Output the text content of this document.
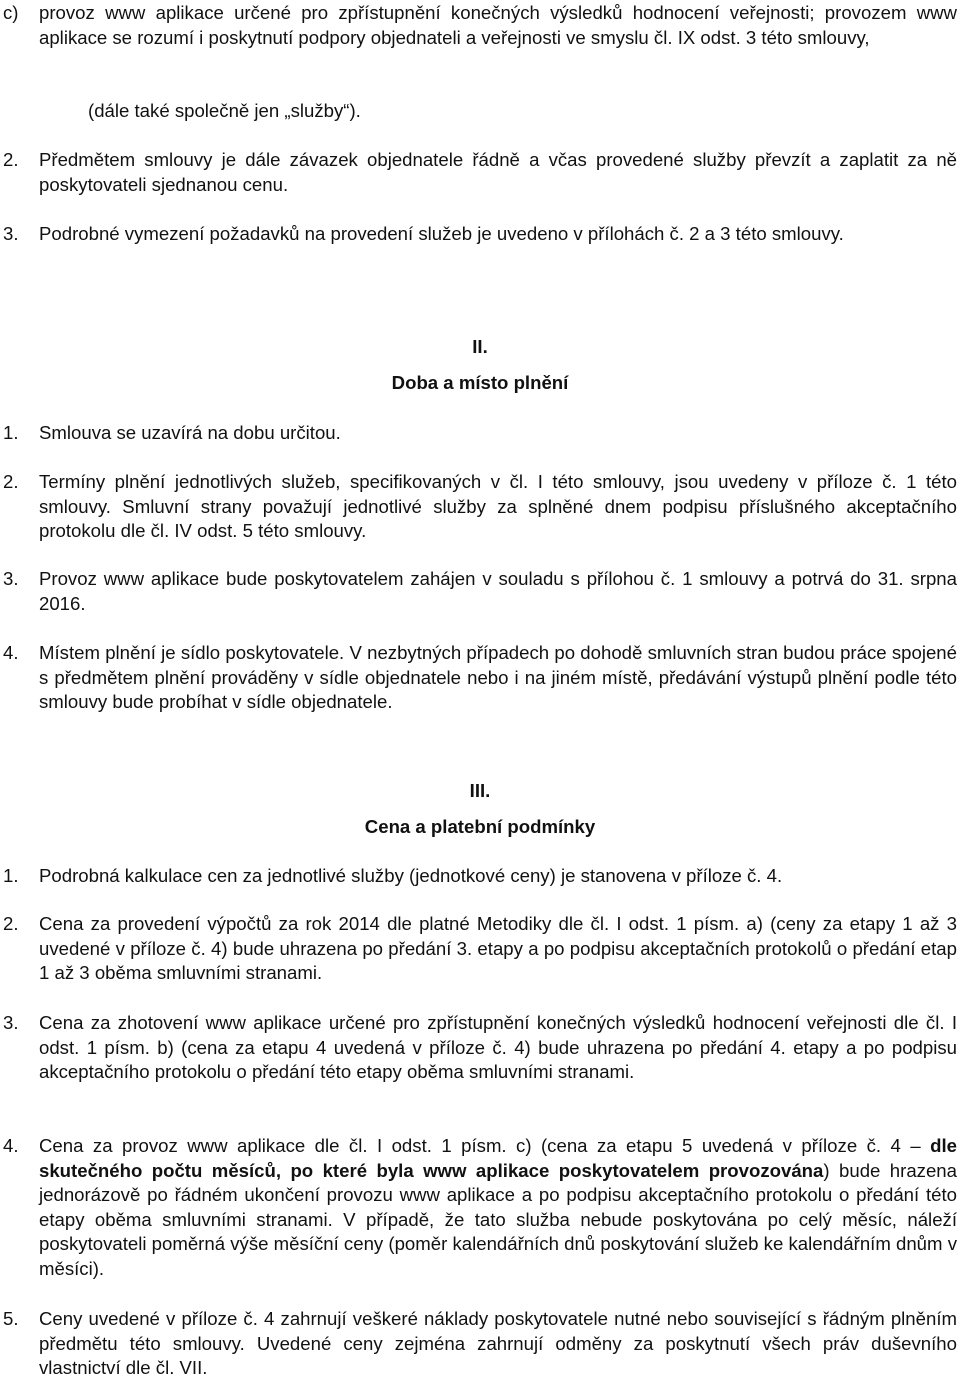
c) provoz www aplikace určené pro zpřístupnění konečných výsledků hodnocení veřejnosti; provozem www aplikace se rozumí i poskytnutí podpory objednateli a veřejnosti ve smyslu čl. IX odst. 3 této smlouvy,
(dále také společně jen „služby“).
2. Předmětem smlouvy je dále závazek objednatele řádně a včas provedené služby převzít a zaplatit za ně poskytovateli sjednanou cenu.
3. Podrobné vymezení požadavků na provedení služeb je uvedeno v přílohách č. 2 a 3 této smlouvy.
II.
Doba a místo plnění
1. Smlouva se uzavírá na dobu určitou.
2. Termíny plnění jednotlivých služeb, specifikovaných v čl. I této smlouvy, jsou uvedeny v příloze č. 1 této smlouvy. Smluvní strany považují jednotlivé služby za splněné dnem podpisu příslušného akceptačního protokolu dle čl. IV odst. 5 této smlouvy.
3. Provoz www aplikace bude poskytovatelem zahájen v souladu s přílohou č. 1 smlouvy a potrvá do 31. srpna 2016.
4. Místem plnění je sídlo poskytovatele. V nezbytných případech po dohodě smluvních stran budou práce spojené s předmětem plnění prováděny v sídle objednatele nebo i na jiném místě, předávání výstupů plnění podle této smlouvy bude probíhat v sídle objednatele.
III.
Cena a platební podmínky
1. Podrobná kalkulace cen za jednotlivé služby (jednotkové ceny) je stanovena v příloze č. 4.
2. Cena za provedení výpočtů za rok 2014 dle platné Metodiky dle čl. I odst. 1 písm. a) (ceny za etapy 1 až 3 uvedené v příloze č. 4) bude uhrazena po předání 3. etapy a po podpisu akceptačních protokolů o předání etap 1 až 3 oběma smluvními stranami.
3. Cena za zhotovení www aplikace určené pro zpřístupnění konečných výsledků hodnocení veřejnosti dle čl. I odst. 1 písm. b) (cena za etapu 4 uvedená v příloze č. 4) bude uhrazena po předání 4. etapy a po podpisu akceptačního protokolu o předání této etapy oběma smluvními stranami.
4. Cena za provoz www aplikace dle čl. I odst. 1 písm. c) (cena za etapu 5 uvedená v příloze č. 4 – dle skutečného počtu měsíců, po které byla www aplikace poskytovatelem provozována) bude hrazena jednorázově po řádném ukončení provozu www aplikace a po podpisu akceptačního protokolu o předání této etapy oběma smluvními stranami. V případě, že tato služba nebude poskytována po celý měsíc, náleží poskytovateli poměrná výše měsíční ceny (poměr kalendářních dnů poskytování služeb ke kalendářním dnům v měsíci).
5. Ceny uvedené v příloze č. 4 zahrnují veškeré náklady poskytovatele nutné nebo související s řádným plněním předmětu této smlouvy. Uvedené ceny zejména zahrnují odměny za poskytnutí všech práv duševního vlastnictví dle čl. VII.
